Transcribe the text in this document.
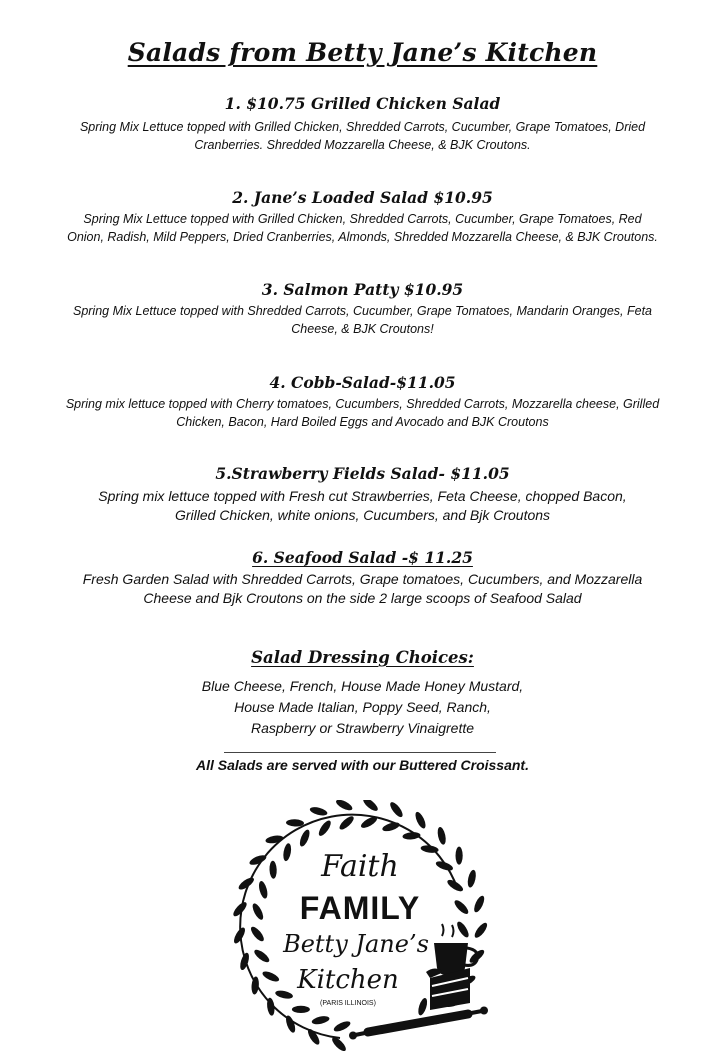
Salads from Betty Jane’s Kitchen
1. $10.75 Grilled Chicken Salad
Spring Mix Lettuce topped with Grilled Chicken, Shredded Carrots, Cucumber, Grape Tomatoes, Dried
Cranberries. Shredded Mozzarella Cheese, & BJK Croutons.
2. Jane’s Loaded Salad $10.95
Spring Mix Lettuce topped with Grilled Chicken, Shredded Carrots, Cucumber, Grape Tomatoes, Red
Onion, Radish, Mild Peppers, Dried Cranberries, Almonds, Shredded Mozzarella Cheese, & BJK Croutons.
3. Salmon Patty $10.95
Spring Mix Lettuce topped with Shredded Carrots, Cucumber, Grape Tomatoes, Mandarin Oranges, Feta
Cheese, & BJK Croutons!
4. Cobb-Salad-$11.05
Spring mix lettuce topped with Cherry tomatoes, Cucumbers, Shredded Carrots, Mozzarella cheese, Grilled
Chicken, Bacon, Hard Boiled Eggs and Avocado and BJK Croutons
5.Strawberry Fields Salad- $11.05
Spring mix lettuce topped with Fresh cut Strawberries, Feta Cheese, chopped Bacon,
Grilled Chicken, white onions, Cucumbers, and Bjk Croutons
6. Seafood Salad -$ 11.25
Fresh Garden Salad with Shredded Carrots, Grape tomatoes, Cucumbers, and Mozzarella
Cheese and Bjk Croutons on the side 2 large scoops of Seafood Salad
Salad Dressing Choices:
Blue Cheese, French, House Made Honey Mustard,
House Made Italian, Poppy Seed, Ranch,
Raspberry or Strawberry Vinaigrette
All Salads are served with our Buttered Croissant.
Faith
FAMILY
Betty Jane’s
Kitchen
(PARIS ILLINOIS)
